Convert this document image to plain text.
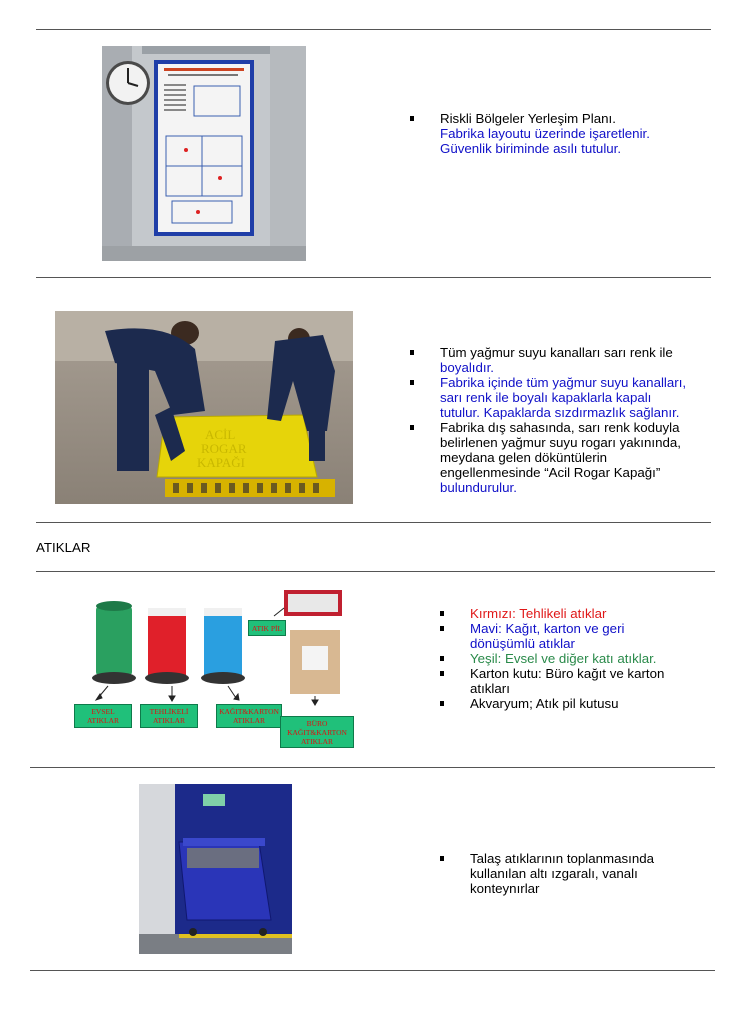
Riskli Bölgeler Yerleşim Planı.
Fabrika layoutu üzerinde işaretlenir.
Güvenlik biriminde asılı tutulur.
ACİL
ROGAR
KAPAĞI
Tüm yağmur suyu kanalları sarı renk ile
boyalıdır.
Fabrika içinde tüm yağmur suyu kanalları,
sarı renk ile boyalı kapaklarla kapalı
tutulur. Kapaklarda sızdırmazlık sağlanır.
Fabrika dış sahasında, sarı renk koduyla
belirlenen yağmur suyu rogarı yakınında,
meydana gelen döküntülerin
engellenmesinde “Acil Rogar Kapağı”
bulundurulur.
ATIKLAR
EVSEL
ATIKLAR
TEHLİKELİ
ATIKLAR
KAĞIT&KARTON
ATIKLAR
ATIK PİL
BÜRO
KAĞIT&KARTON
ATIKLAR
Kırmızı: Tehlikeli atıklar
Mavi: Kağıt, karton ve geri
dönüşümlü atıklar
Yeşil: Evsel ve diğer katı atıklar.
Karton kutu: Büro kağıt ve karton
atıkları
Akvaryum; Atık pil kutusu
Talaş atıklarının toplanmasında
kullanılan altı ızgaralı, vanalı
konteynırlar
